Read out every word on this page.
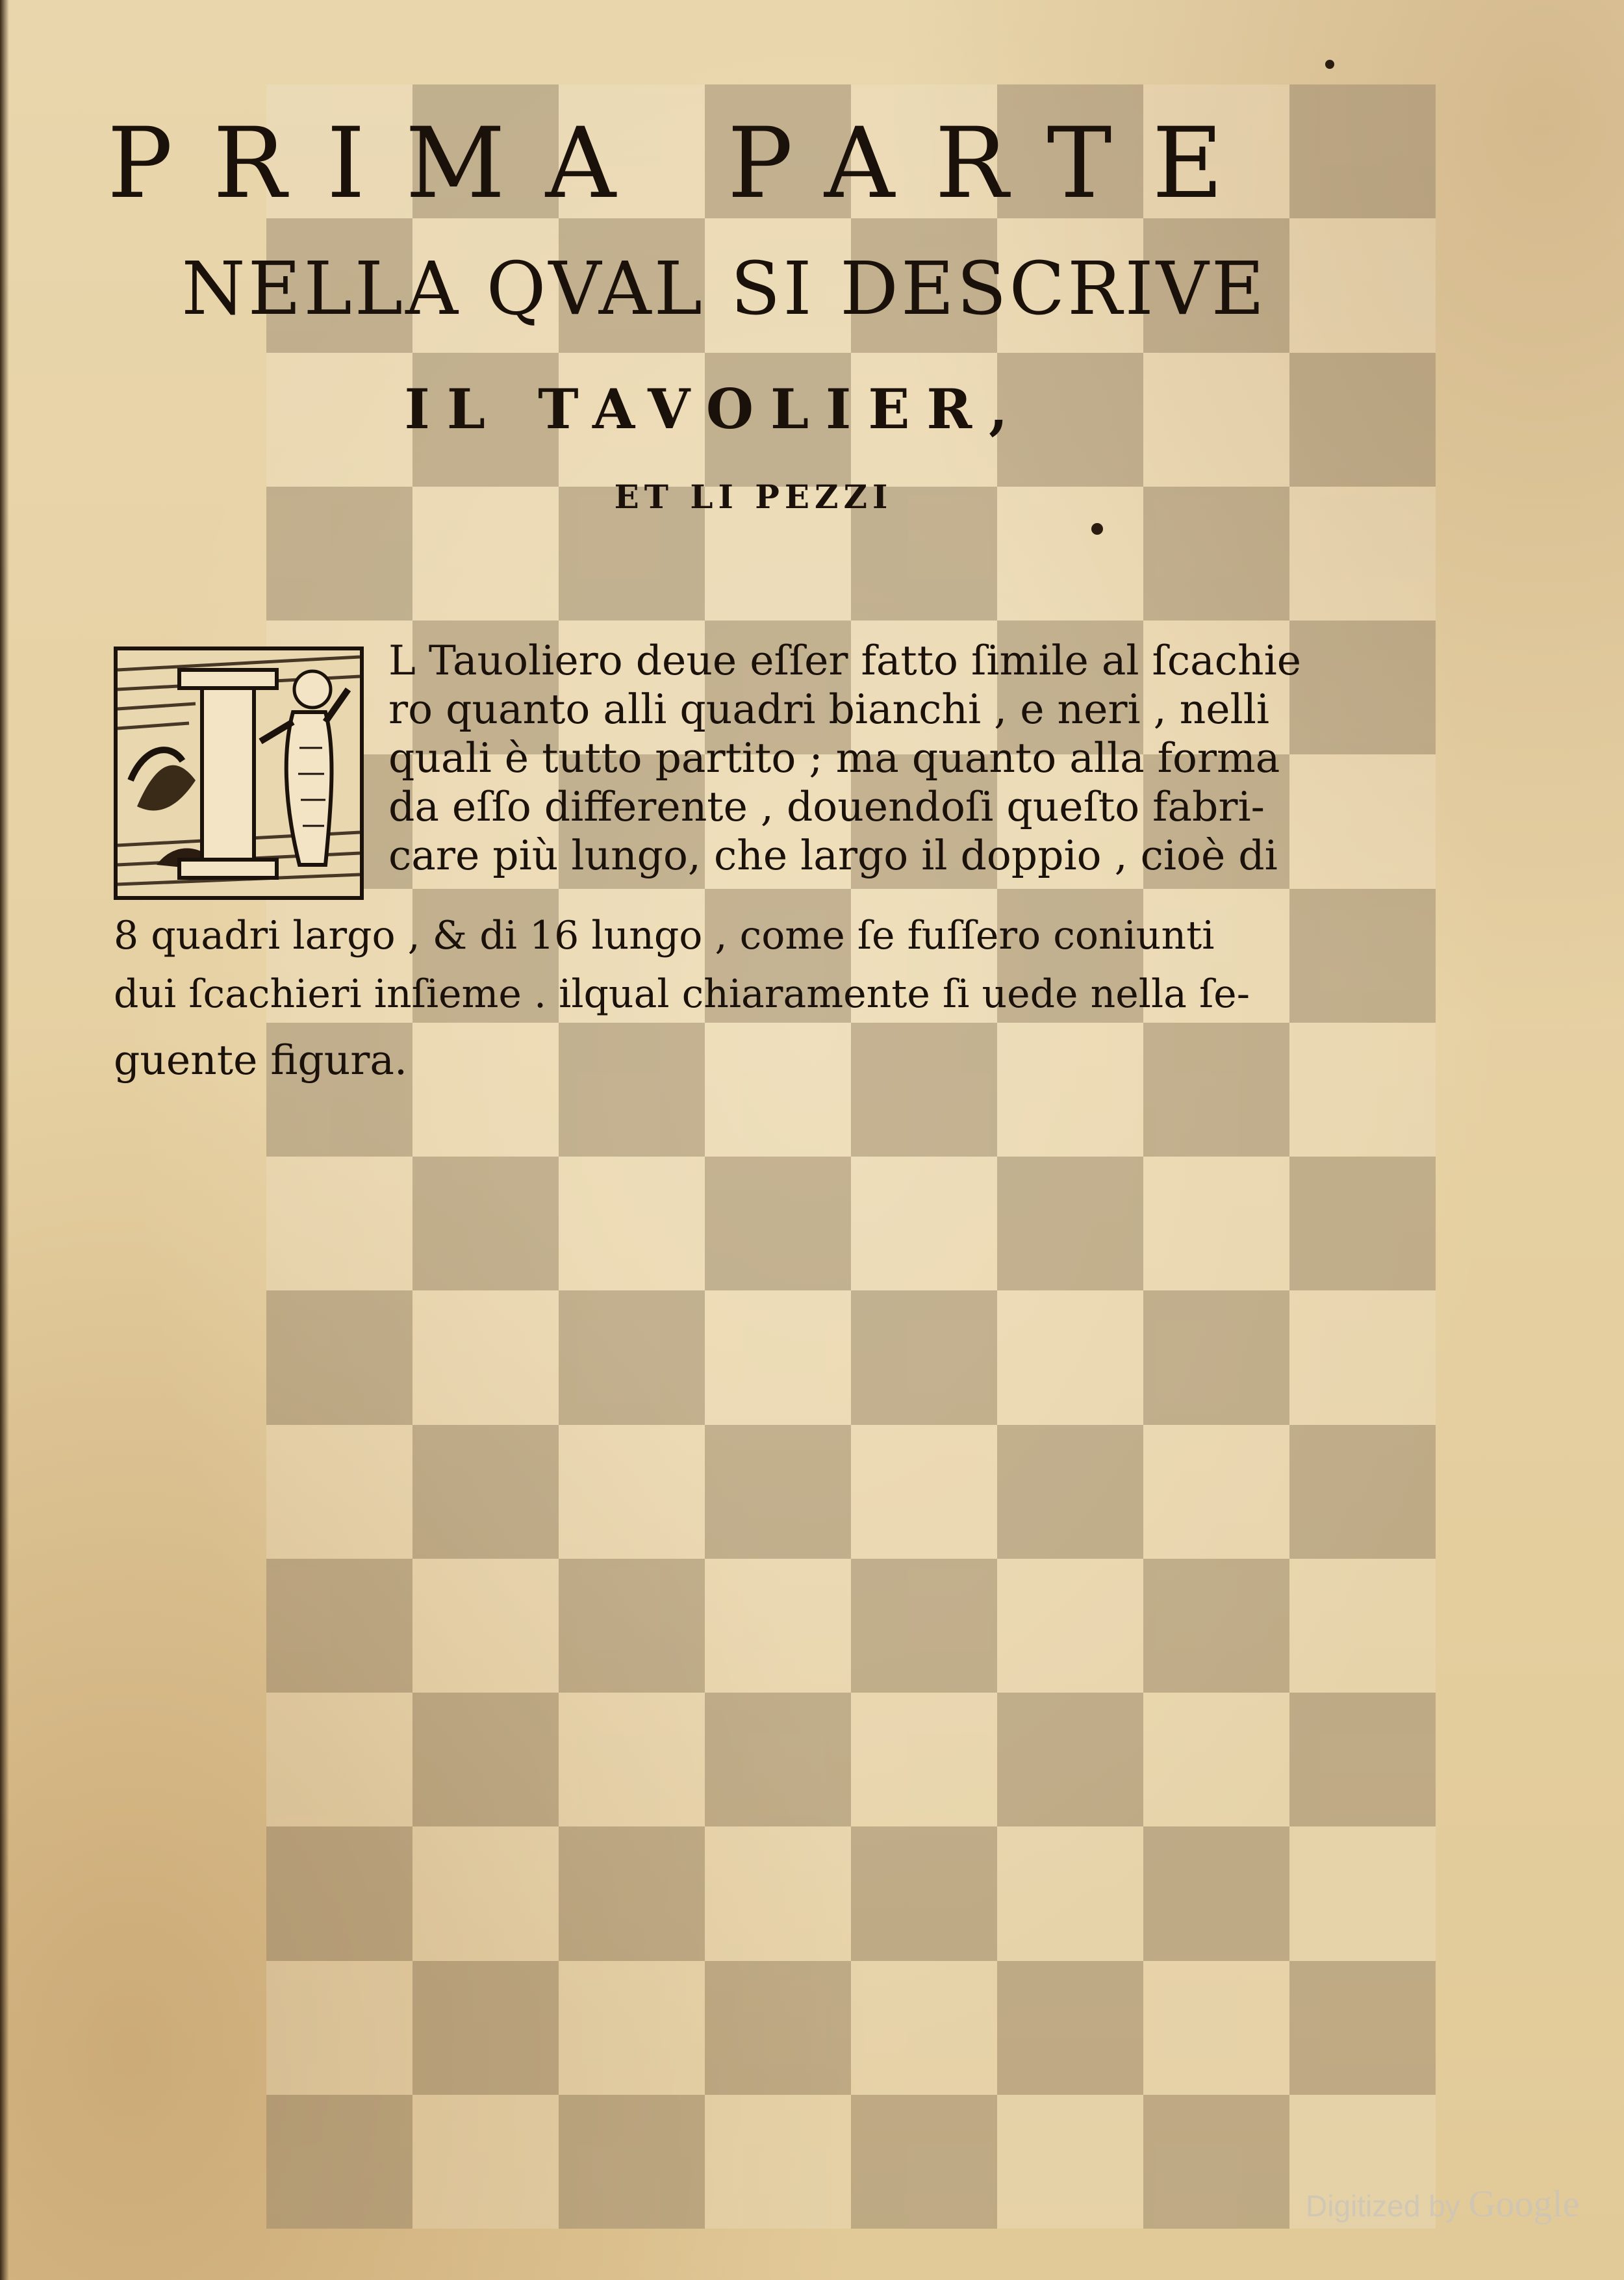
PRIMA PARTE
NELLA QVAL SI DESCRIVE
IL TAVOLIER,
ET LI PEZZI
L Tauoliero deue eſſer fatto ſimile al ſcachie
ro quanto alli quadri bianchi , e neri , nelli
quali è tutto partito ; ma quanto alla forma
da eſſo differente , douendoſi queſto fabri-
care più lungo, che largo il doppio , cioè di
8 quadri largo , & di 16 lungo , come ſe fuſſero coniunti
dui ſcachieri inſieme . ilqual chiaramente ſi uede nella ſe-
guente figura.
Digitized by Google
